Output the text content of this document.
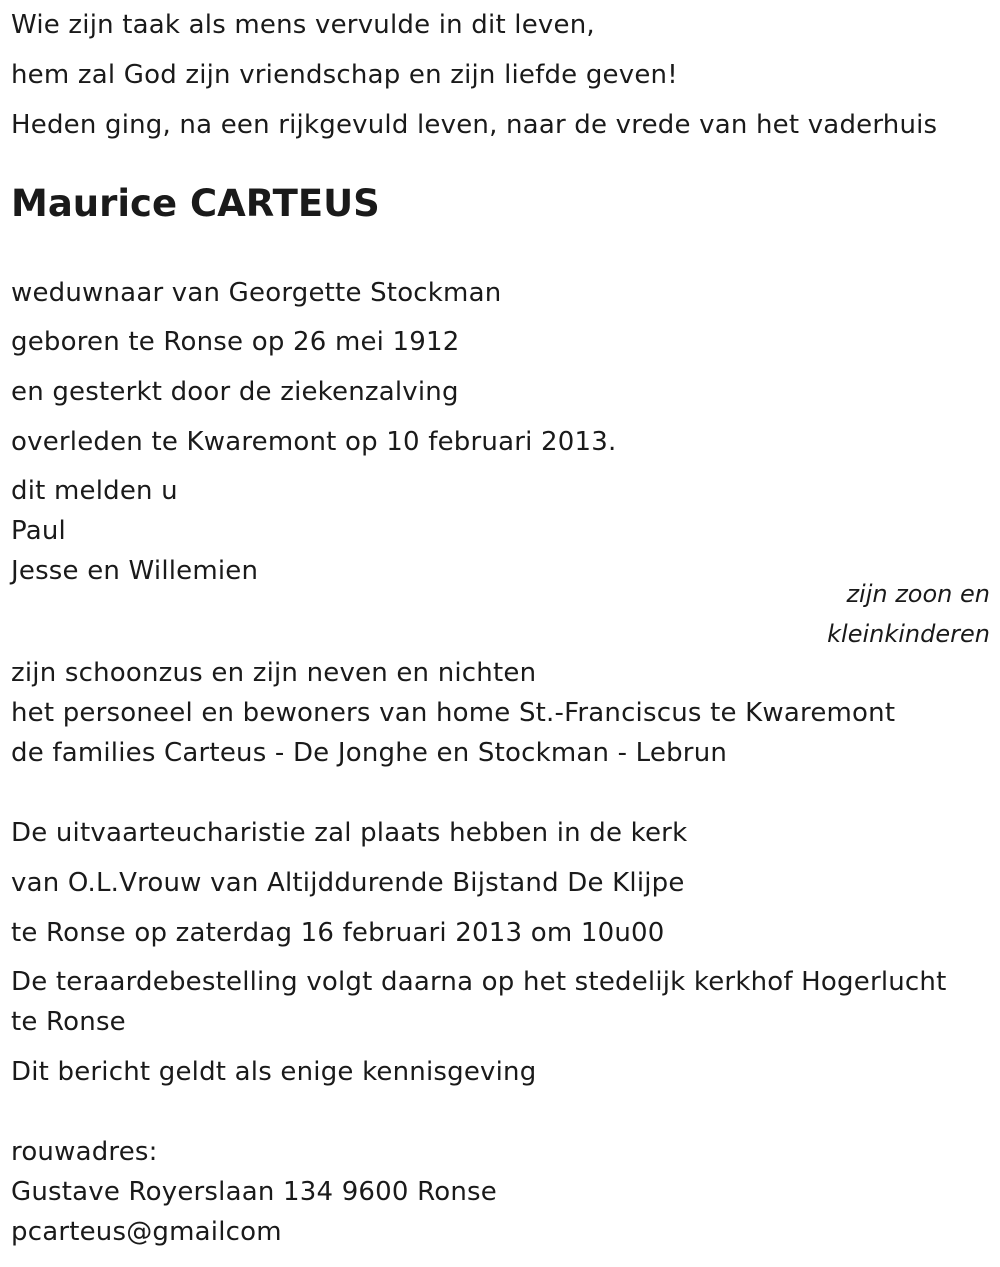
Wie zijn taak als mens vervulde in dit leven,
hem zal God zijn vriendschap en zijn liefde geven!
Heden ging, na een rijkgevuld leven, naar de vrede van het vaderhuis
Maurice CARTEUS
weduwnaar van Georgette Stockman
geboren te Ronse op 26 mei 1912
en gesterkt door de ziekenzalving
overleden te Kwaremont op 10 februari 2013.
dit melden u
Paul
Jesse en Willemien
zijn zoon en
kleinkinderen
zijn schoonzus en zijn neven en nichten
het personeel en bewoners van home St.-Franciscus te Kwaremont
de families Carteus - De Jonghe en Stockman - Lebrun
De uitvaarteucharistie zal plaats hebben in de kerk
van O.L.Vrouw van Altijddurende Bijstand De Klijpe
te Ronse op zaterdag 16 februari 2013 om 10u00
De teraardebestelling volgt daarna op het stedelijk kerkhof Hogerlucht
te Ronse
Dit bericht geldt als enige kennisgeving
rouwadres:
Gustave Royerslaan 134 9600 Ronse
pcarteus@gmailcom
